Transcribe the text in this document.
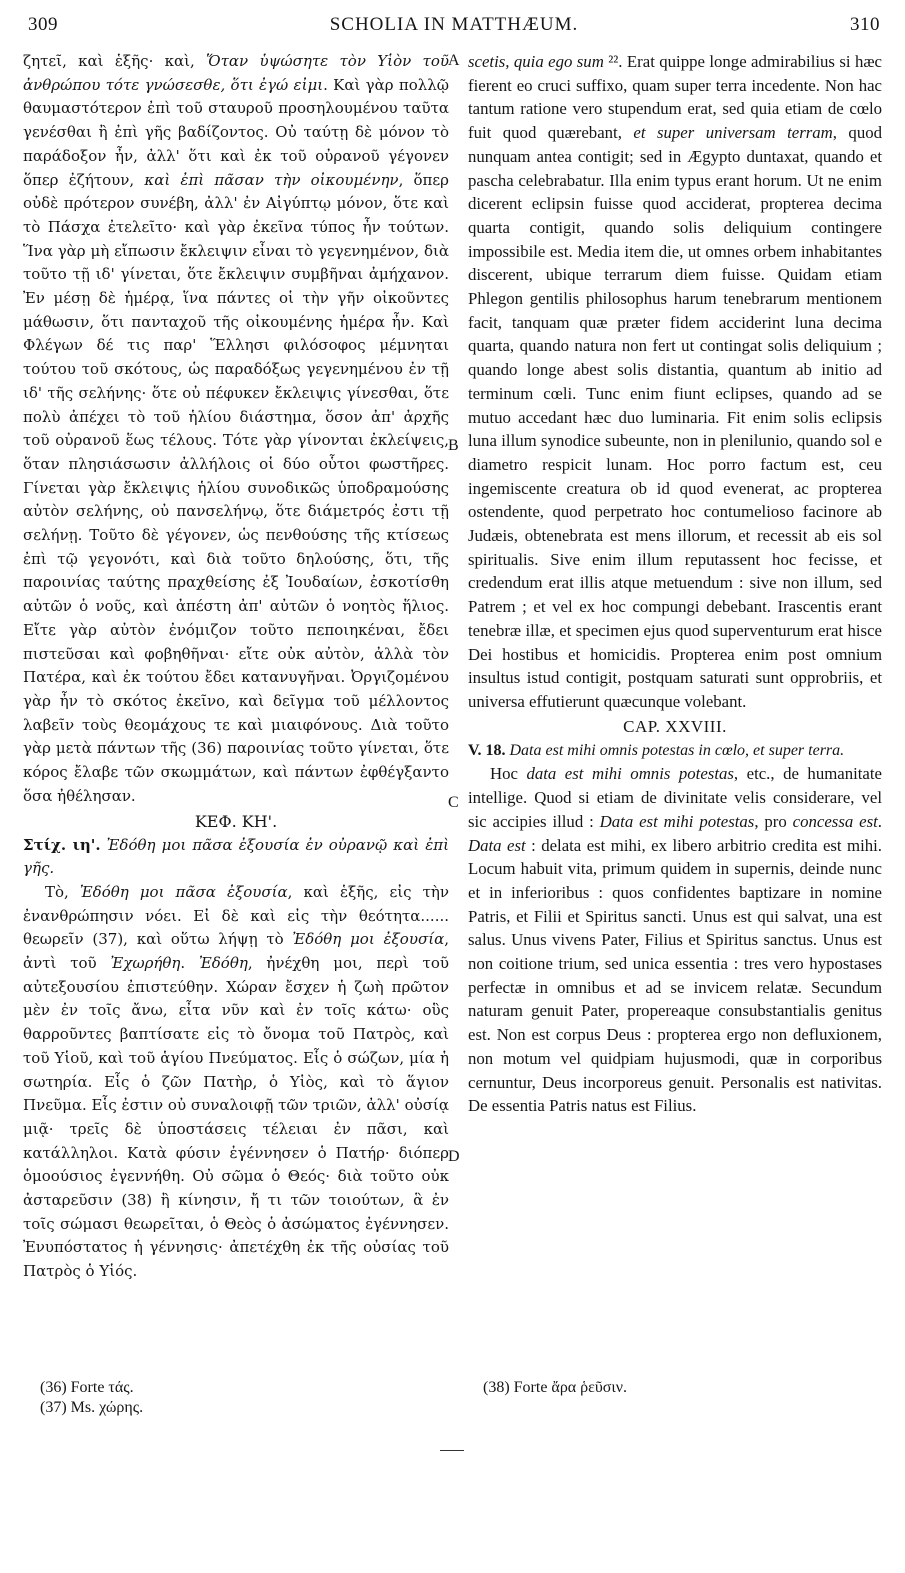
309	SCHOLIA IN MATTHÆUM.	310
A
B
C
D

ζητεῖ, καὶ ἑξῆς· καὶ, Ὅταν ὑψώσητε τὸν Υἱὸν τοῦ ἀνθρώπου τότε γνώσεσθε, ὅτι ἐγώ εἰμι. Καὶ γὰρ πολλῷ θαυμαστότερον ἐπὶ τοῦ σταυροῦ προσηλουμένου ταῦτα γενέσθαι ἢ ἐπὶ γῆς βαδίζοντος. Οὐ ταύτῃ δὲ μόνον τὸ παράδοξον ἦν, ἀλλ' ὅτι καὶ ἐκ τοῦ οὐρανοῦ γέγονεν ὅπερ ἐζήτουν, καὶ ἐπὶ πᾶσαν τὴν οἰκουμένην, ὅπερ οὐδὲ πρότερον συνέβη, ἀλλ' ἐν Αἰγύπτῳ μόνον, ὅτε καὶ τὸ Πάσχα ἐτελεῖτο· καὶ γὰρ ἐκεῖνα τύπος ἦν τούτων. Ἵνα γὰρ μὴ εἴπωσιν ἔκλειψιν εἶναι τὸ γεγενημένον, διὰ τοῦτο τῇ ιδ' γίνεται, ὅτε ἔκλειψιν συμβῆναι ἀμήχανον. Ἐν μέσῃ δὲ ἡμέρᾳ, ἵνα πάντες οἱ τὴν γῆν οἰκοῦντες μάθωσιν, ὅτι πανταχοῦ τῆς οἰκουμένης ἡμέρα ἦν. Καὶ Φλέγων δέ τις παρ' Ἕλλησι φιλόσοφος μέμνηται τούτου τοῦ σκότους, ὡς παραδόξως γεγενημένου ἐν τῇ ιδ' τῆς σελήνης· ὅτε οὐ πέφυκεν ἔκλειψις γίνεσθαι, ὅτε πολὺ ἀπέχει τὸ τοῦ ἡλίου διάστημα, ὅσον ἀπ' ἀρχῆς τοῦ οὐρανοῦ ἕως τέλους. Τότε γὰρ γίνονται ἐκλείψεις, ὅταν πλησιάσωσιν ἀλλήλοις οἱ δύο οὗτοι φωστῆρες. Γίνεται γὰρ ἔκλειψις ἡλίου συνοδικῶς ὑποδραμούσης αὐτὸν σελήνης, οὐ πανσελήνῳ, ὅτε διάμετρός ἐστι τῇ σελήνῃ. Τοῦτο δὲ γέγονεν, ὡς πενθούσης τῆς κτίσεως ἐπὶ τῷ γεγονότι, καὶ διὰ τοῦτο δηλούσης, ὅτι, τῆς παροινίας ταύτης πραχθείσης ἐξ Ἰουδαίων, ἐσκοτίσθη αὐτῶν ὁ νοῦς, καὶ ἀπέστη ἀπ' αὐτῶν ὁ νοητὸς ἥλιος. Εἴτε γὰρ αὐτὸν ἐνόμιζον τοῦτο πεποιηκέναι, ἔδει πιστεῦσαι καὶ φοβηθῆναι· εἴτε οὐκ αὐτὸν, ἀλλὰ τὸν Πατέρα, καὶ ἐκ τούτου ἔδει κατανυγῆναι. Ὀργιζομένου γὰρ ἦν τὸ σκότος ἐκεῖνο, καὶ δεῖγμα τοῦ μέλλοντος λαβεῖν τοὺς θεομάχους τε καὶ μιαιφόνους. Διὰ τοῦτο γὰρ μετὰ πάντων τῆς (36) παροινίας τοῦτο γίνεται, ὅτε κόρος ἔλαβε τῶν σκωμμάτων, καὶ πάντων ἐφθέγξαντο ὅσα ἠθέλησαν.

ΚΕΦ. ΚΗ'.

Στίχ. ιη'. Ἐδόθη μοι πᾶσα ἐξουσία ἐν οὐρανῷ καὶ ἐπὶ γῆς.

Τὸ, Ἐδόθη μοι πᾶσα ἐξουσία, καὶ ἑξῆς, εἰς τὴν ἐνανθρώπησιν νόει. Εἰ δὲ καὶ εἰς τὴν θεότητα...... θεωρεῖν (37), καὶ οὕτω λήψῃ τὸ Ἐδόθη μοι ἐξουσία, ἀντὶ τοῦ Ἐχωρήθη. Ἐδόθη, ἠνέχθη μοι, περὶ τοῦ αὐτεξουσίου ἐπιστεύθην. Χώραν ἔσχεν ἡ ζωὴ πρῶτον μὲν ἐν τοῖς ἄνω, εἶτα νῦν καὶ ἐν τοῖς κάτω· οὓς θαρροῦντες βαπτίσατε εἰς τὸ ὄνομα τοῦ Πατρὸς, καὶ τοῦ Υἱοῦ, καὶ τοῦ ἁγίου Πνεύματος. Εἷς ὁ σώζων, μία ἡ σωτηρία. Εἷς ὁ ζῶν Πατὴρ, ὁ Υἱὸς, καὶ τὸ ἅγιον Πνεῦμα. Εἷς ἐστιν οὐ συναλοιφῇ τῶν τριῶν, ἀλλ' οὐσίᾳ μιᾷ· τρεῖς δὲ ὑποστάσεις τέλειαι ἐν πᾶσι, καὶ κατάλληλοι. Κατὰ φύσιν ἐγέννησεν ὁ Πατήρ· διόπερ ὁμοούσιος ἐγεννήθη. Οὐ σῶμα ὁ Θεός· διὰ τοῦτο οὐκ ἀσταρεῦσιν (38) ἢ κίνησιν, ἤ τι τῶν τοιούτων, ἃ ἐν τοῖς σώμασι θεωρεῖται, ὁ Θεὸς ὁ ἀσώματος ἐγέννησεν. Ἐνυπόστατος ἡ γέννησις· ἀπετέχθη ἐκ τῆς οὐσίας τοῦ Πατρὸς ὁ Υἱός.

scetis, quia ego sum ²². Erat quippe longe admirabilius si hæc fierent eo cruci suffixo, quam super terra incedente. Non hac tantum ratione vero stupendum erat, sed quia etiam de cœlo fuit quod quærebant, et super universam terram, quod nunquam antea contigit; sed in Ægypto duntaxat, quando et pascha celebrabatur. Illa enim typus erant horum. Ut ne enim dicerent eclipsin fuisse quod acciderat, propterea decima quarta contigit, quando solis deliquium contingere impossibile est. Media item die, ut omnes orbem inhabitantes discerent, ubique terrarum diem fuisse. Quidam etiam Phlegon gentilis philosophus harum tenebrarum mentionem facit, tanquam quæ præter fidem acciderint luna decima quarta, quando natura non fert ut contingat solis deliquium ; quando longe abest solis distantia, quantum ab initio ad terminum cœli. Tunc enim fiunt eclipses, quando ad se mutuo accedant hæc duo luminaria. Fit enim solis eclipsis luna illum synodice subeunte, non in plenilunio, quando sol e diametro respicit lunam. Hoc porro factum est, ceu ingemiscente creatura ob id quod evenerat, ac propterea ostendente, quod perpetrato hoc contumelioso facinore ab Judæis, obtenebrata est mens illorum, et recessit ab eis sol spiritualis. Sive enim illum reputassent hoc fecisse, et credendum erat illis atque metuendum : sive non illum, sed Patrem ; et vel ex hoc compungi debebant. Irascentis erant tenebræ illæ, et specimen ejus quod superventurum erat hisce Dei hostibus et homicidis. Propterea enim post omnium insultus istud contigit, postquam saturati sunt opprobriis, et universa effutierunt quæcunque volebant.

CAP. XXVIII.

V. 18. Data est mihi omnis potestas in cœlo, et super terra.

Hoc data est mihi omnis potestas, etc., de humanitate intellige. Quod si etiam de divinitate velis considerare, vel sic accipies illud : Data est mihi potestas, pro concessa est. Data est : delata est mihi, ex libero arbitrio credita est mihi. Locum habuit vita, primum quidem in supernis, deinde nunc et in inferioribus : quos confidentes baptizare in nomine Patris, et Filii et Spiritus sancti. Unus est qui salvat, una est salus. Unus vivens Pater, Filius et Spiritus sanctus. Unus est non coitione trium, sed unica essentia : tres vero hypostases perfectæ in omnibus et ad se invicem relatæ. Secundum naturam genuit Pater, propereaque consubstantialis genitus est. Non est corpus Deus : propterea ergo non defluxionem, non motum vel quidpiam hujusmodi, quæ in corporibus cernuntur, Deus incorporeus genuit. Personalis est nativitas. De essentia Patris natus est Filius.

(36) Forte τάς.
(37) Ms. χώρης.
(38) Forte ἄρα ῥεῦσιν.
